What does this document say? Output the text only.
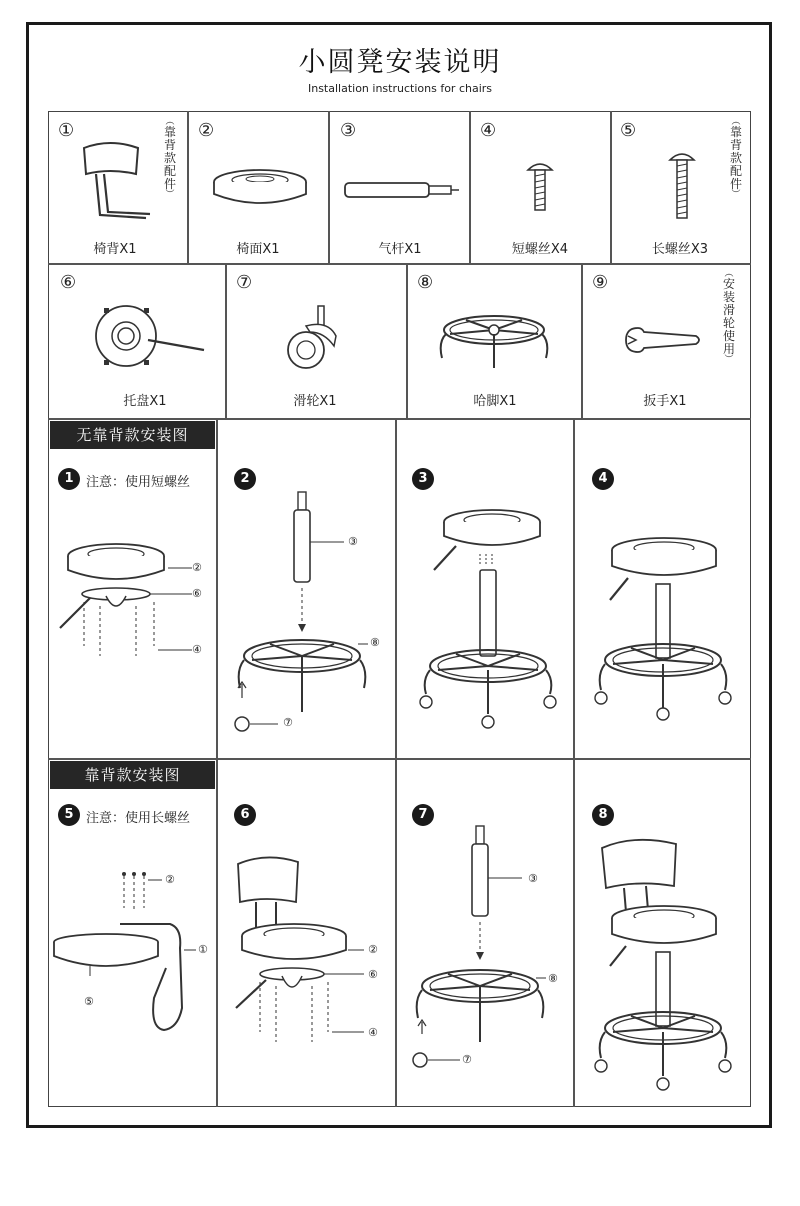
小圆凳安装说明
Installation instructions for chairs
①	︵
靠背款配件
︶
椅背X1
②
椅面X1
③
气杆X1
④
短螺丝X4
⑤	︵
靠背款配件
︶
长螺丝X3
⑥
托盘X1
⑦
滑轮X1
⑧
哈脚X1
⑨	︵
安装滑轮使用
︶
扳手X1
无靠背款安装图
1 注意：使用短螺丝
②
⑥
④
2
③
⑧
⑦
3	4
靠背款安装图
5 注意：使用长螺丝
②
①
⑤
6
②
⑥
④
7
③
⑧
⑦
8
